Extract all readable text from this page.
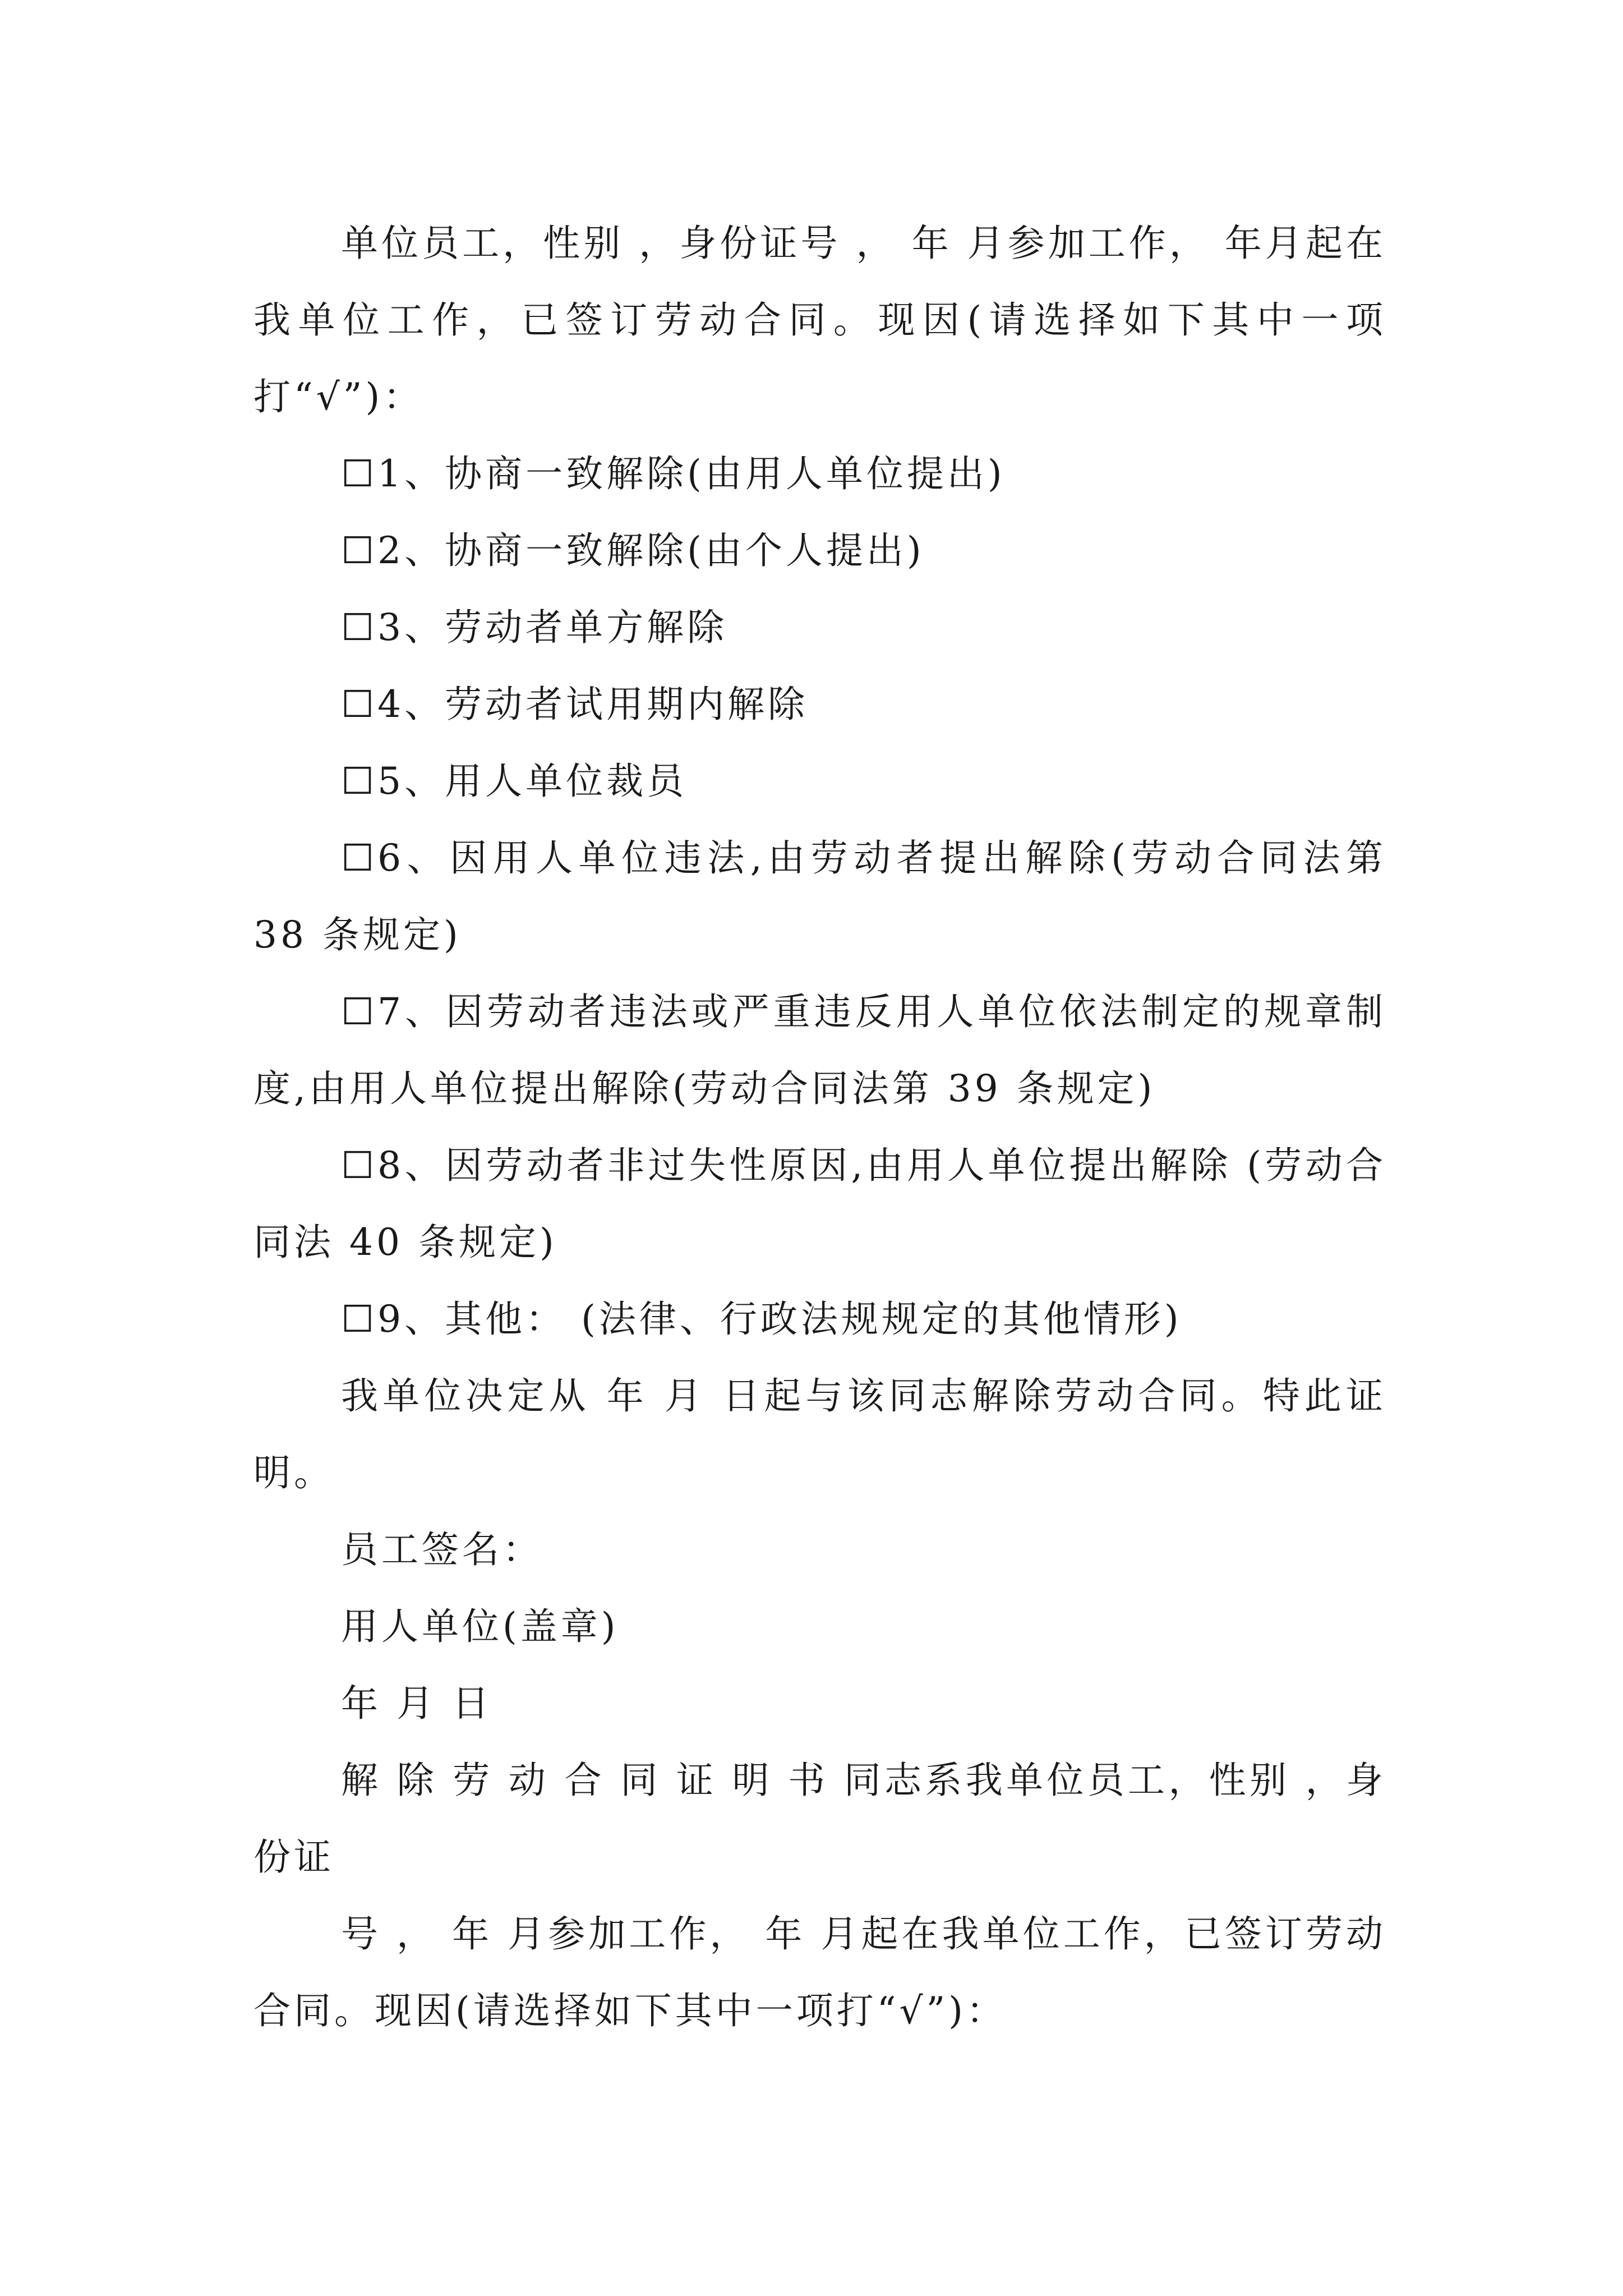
单位员工，性别 ，身份证号 ， 年 月参加工作， 年月起在我单位工作，已签订劳动合同。现因(请选择如下其中一项打“√”)：

☐1、协商一致解除(由用人单位提出)

☐2、协商一致解除(由个人提出)

☐3、劳动者单方解除

☐4、劳动者试用期内解除

☐5、用人单位裁员

☐6、因用人单位违法,由劳动者提出解除(劳动合同法第 38 条规定)

☐7、因劳动者违法或严重违反用人单位依法制定的规章制度,由用人单位提出解除(劳动合同法第 39 条规定)

☐8、因劳动者非过失性原因,由用人单位提出解除 (劳动合同法 40 条规定)

☐9、其他： (法律、行政法规规定的其他情形)

我单位决定从 年 月 日起与该同志解除劳动合同。特此证明。

员工签名：

用人单位(盖章)

年 月 日

解 除 劳 动 合 同 证 明 书 同志系我单位员工，性别 ，身份证

号 ， 年 月参加工作， 年 月起在我单位工作，已签订劳动合同。现因(请选择如下其中一项打“√”)：
